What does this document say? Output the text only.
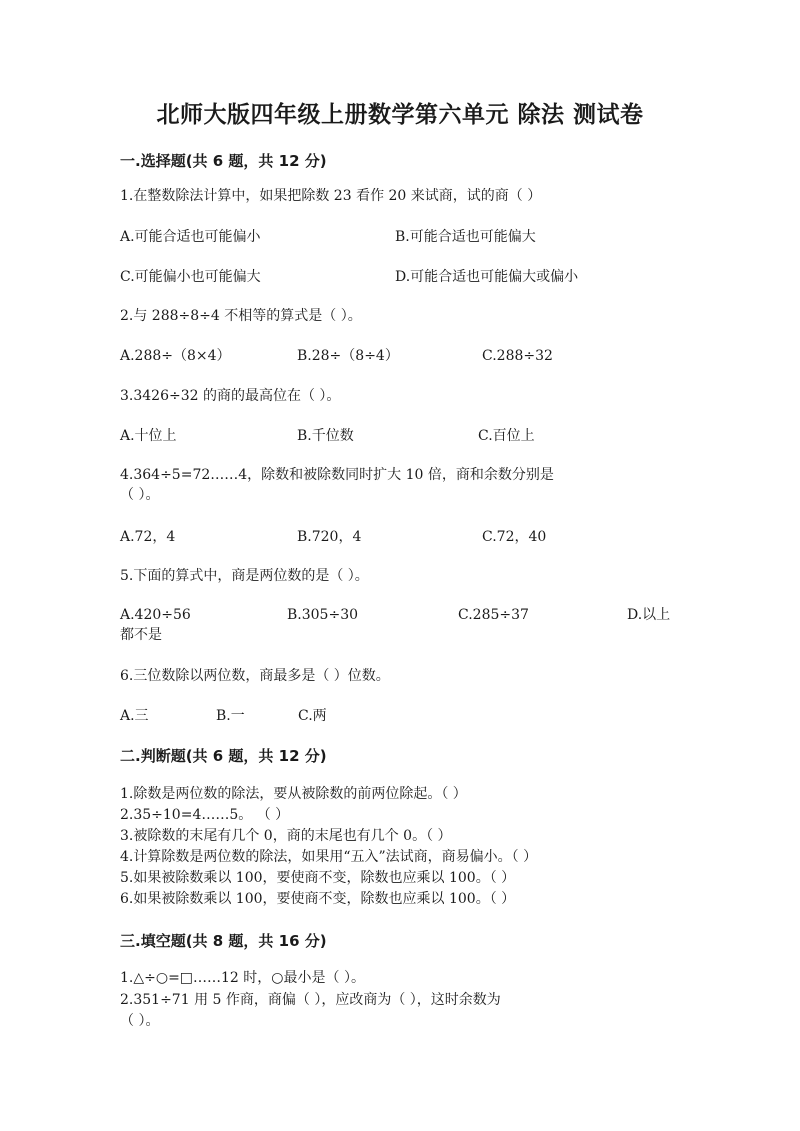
北师大版四年级上册数学第六单元 除法 测试卷
一.选择题(共 6 题，共 12 分)
1.在整数除法计算中，如果把除数 23 看作 20 来试商，试的商（ ）
A.可能合适也可能偏小	B.可能合适也可能偏大
C.可能偏小也可能偏大	D.可能合适也可能偏大或偏小
2.与 288÷8÷4 不相等的算式是（ ）。
A.288÷（8×4）	B.28÷（8÷4）	C.288÷32
3.3426÷32 的商的最高位在（ ）。
A.十位上	B.千位数	C.百位上
4.364÷5=72……4，除数和被除数同时扩大 10 倍，商和余数分别是
（ ）。
A.72，4	B.720，4	C.72，40
5.下面的算式中，商是两位数的是（ ）。
A.420÷56	B.305÷30	C.285÷37	D.以上
都不是
6.三位数除以两位数，商最多是（ ）位数。
A.三	B.一	C.两
二.判断题(共 6 题，共 12 分)
1.除数是两位数的除法，要从被除数的前两位除起。（ ）
2.35÷10=4……5。 （ ）
3.被除数的末尾有几个 0，商的末尾也有几个 0。（ ）
4.计算除数是两位数的除法，如果用“五入”法试商，商易偏小。（ ）
5.如果被除数乘以 100，要使商不变，除数也应乘以 100。（ ）
6.如果被除数乘以 100，要使商不变，除数也应乘以 100。（ ）
三.填空题(共 8 题，共 16 分)
1.△÷○=□……12 时，○最小是（ ）。
2.351÷71 用 5 作商，商偏（ ），应改商为（ ），这时余数为
（ ）。
